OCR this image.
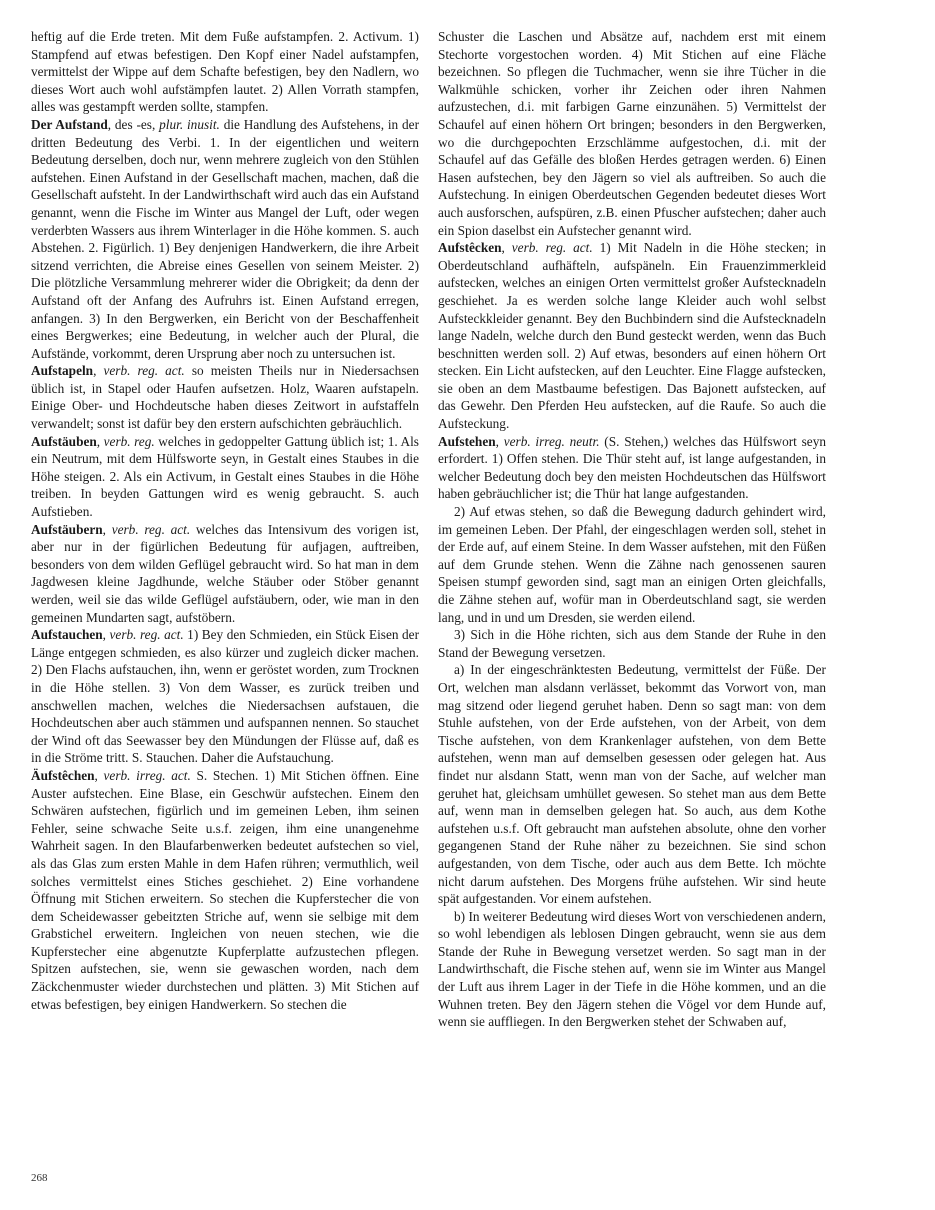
heftig auf die Erde treten. Mit dem Fuße aufstampfen. 2. Activum. 1) Stampfend auf etwas befestigen. Den Kopf einer Nadel aufstampfen, vermittelst der Wippe auf dem Schafte befestigen, bey den Nadlern, wo dieses Wort auch wohl aufstämpfen lautet. 2) Allen Vorrath stampfen, alles was gestampft werden sollte, stampfen.

Der Aufstand, des -es, plur. inusit. die Handlung des Aufstehens, in der dritten Bedeutung des Verbi. 1. In der eigentlichen und weitern Bedeutung derselben, doch nur, wenn mehrere zugleich von den Stühlen aufstehen. Einen Aufstand in der Gesellschaft machen, machen, daß die Gesellschaft aufsteht. In der Landwirthschaft wird auch das ein Aufstand genannt, wenn die Fische im Winter aus Mangel der Luft, oder wegen verderbten Wassers aus ihrem Winterlager in die Höhe kommen. S. auch Abstehen. 2. Figürlich. 1) Bey denjenigen Handwerkern, die ihre Arbeit sitzend verrichten, die Abreise eines Gesellen von seinem Meister. 2) Die plötzliche Versammlung mehrerer wider die Obrigkeit; da denn der Aufstand oft der Anfang des Aufruhrs ist. Einen Aufstand erregen, anfangen. 3) In den Bergwerken, ein Bericht von der Beschaffenheit eines Bergwerkes; eine Bedeutung, in welcher auch der Plural, die Aufstände, vorkommt, deren Ursprung aber noch zu untersuchen ist.

Aufstapeln, verb. reg. act. so meisten Theils nur in Niedersachsen üblich ist, in Stapel oder Haufen aufsetzen. Holz, Waaren aufstapeln. Einige Ober- und Hochdeutsche haben dieses Zeitwort in aufstaffeln verwandelt; sonst ist dafür bey den erstern aufschichten gebräuchlich.

Aufstäuben, verb. reg. welches in gedoppelter Gattung üblich ist; 1. Als ein Neutrum, mit dem Hülfsworte seyn, in Gestalt eines Staubes in die Höhe steigen. 2. Als ein Activum, in Gestalt eines Staubes in die Höhe treiben. In beyden Gattungen wird es wenig gebraucht. S. auch Aufstieben.

Aufstäubern, verb. reg. act. welches das Intensivum des vorigen ist, aber nur in der figürlichen Bedeutung für aufjagen, auftreiben, besonders von dem wilden Geflügel gebraucht wird. So hat man in dem Jagdwesen kleine Jagdhunde, welche Stäuber oder Stöber genannt werden, weil sie das wilde Geflügel aufstäubern, oder, wie man in den gemeinen Mundarten sagt, aufstöbern.

Aufstauchen, verb. reg. act. 1) Bey den Schmieden, ein Stück Eisen der Länge entgegen schmieden, es also kürzer und zugleich dicker machen. 2) Den Flachs aufstauchen, ihn, wenn er geröstet worden, zum Trocknen in die Höhe stellen. 3) Von dem Wasser, es zurück treiben und anschwellen machen, welches die Niedersachsen aufstauen, die Hochdeutschen aber auch stämmen und aufspannen nennen. So stauchet der Wind oft das Seewasser bey den Mündungen der Flüsse auf, daß es in die Ströme tritt. S. Stauchen. Daher die Aufstauchung.

Äufstêchen, verb. irreg. act. S. Stechen. 1) Mit Stichen öffnen. Eine Auster aufstechen. Eine Blase, ein Geschwür aufstechen. Einem den Schwären aufstechen, figürlich und im gemeinen Leben, ihm seinen Fehler, seine schwache Seite u.s.f. zeigen, ihm eine unangenehme Wahrheit sagen. In den Blaufarbenwerken bedeutet aufstechen so viel, als das Glas zum ersten Mahle in dem Hafen rühren; vermuthlich, weil solches vermittelst eines Stiches geschiehet. 2) Eine vorhandene Öffnung mit Stichen erweitern. So stechen die Kupferstecher die von dem Scheidewasser gebeitzten Striche auf, wenn sie selbige mit dem Grabstichel erweitern. Ingleichen von neuen stechen, wie die Kupferstecher eine abgenutzte Kupferplatte aufzustechen pflegen. Spitzen aufstechen, sie, wenn sie gewaschen worden, nach dem Zäckchenmuster wieder durchstechen und plätten. 3) Mit Stichen auf etwas befestigen, bey einigen Handwerkern. So stechen die

Schuster die Laschen und Absätze auf, nachdem erst mit einem Stechorte vorgestochen worden. 4) Mit Stichen auf eine Fläche bezeichnen. So pflegen die Tuchmacher, wenn sie ihre Tücher in die Walkmühle schicken, vorher ihr Zeichen oder ihren Nahmen aufzustechen, d.i. mit farbigen Garne einzunähen. 5) Vermittelst der Schaufel auf einen höhern Ort bringen; besonders in den Bergwerken, wo die durchgepochten Erzschlämme aufgestochen, d.i. mit der Schaufel auf das Gefälle des bloßen Herdes getragen werden. 6) Einen Hasen aufstechen, bey den Jägern so viel als auftreiben. So auch die Aufstechung. In einigen Oberdeutschen Gegenden bedeutet dieses Wort auch ausforschen, aufspüren, z.B. einen Pfuscher aufstechen; daher auch ein Spion daselbst ein Aufstecher genannt wird.

Aufstêcken, verb. reg. act. 1) Mit Nadeln in die Höhe stecken; in Oberdeutschland aufhäfteln, aufspäneln. Ein Frauenzimmerkleid aufstecken, welches an einigen Orten vermittelst großer Aufstecknadeln geschiehet. Ja es werden solche lange Kleider auch wohl selbst Aufsteckkleider genannt. Bey den Buchbindern sind die Aufstecknadeln lange Nadeln, welche durch den Bund gesteckt werden, wenn das Buch beschnitten werden soll. 2) Auf etwas, besonders auf einen höhern Ort stecken. Ein Licht aufstecken, auf den Leuchter. Eine Flagge aufstecken, sie oben an dem Mastbaume befestigen. Das Bajonett aufstecken, auf das Gewehr. Den Pferden Heu aufstecken, auf die Raufe. So auch die Aufsteckung.

Aufstehen, verb. irreg. neutr. (S. Stehen,) welches das Hülfswort seyn erfordert. 1) Offen stehen. Die Thür steht auf, ist lange aufgestanden, in welcher Bedeutung doch bey den meisten Hochdeutschen das Hülfswort haben gebräuchlicher ist; die Thür hat lange aufgestanden.

2) Auf etwas stehen, so daß die Bewegung dadurch gehindert wird, im gemeinen Leben. Der Pfahl, der eingeschlagen werden soll, stehet in der Erde auf, auf einem Steine. In dem Wasser aufstehen, mit den Füßen auf dem Grunde stehen. Wenn die Zähne nach genossenen sauren Speisen stumpf geworden sind, sagt man an einigen Orten gleichfalls, die Zähne stehen auf, wofür man in Oberdeutschland sagt, sie werden lang, und in und um Dresden, sie werden eilend.

3) Sich in die Höhe richten, sich aus dem Stande der Ruhe in den Stand der Bewegung versetzen.

a) In der eingeschränktesten Bedeutung, vermittelst der Füße. Der Ort, welchen man alsdann verlässet, bekommt das Vorwort von, man mag sitzend oder liegend geruhet haben. Denn so sagt man: von dem Stuhle aufstehen, von der Erde aufstehen, von der Arbeit, von dem Tische aufstehen, von dem Krankenlager aufstehen, von dem Bette aufstehen, wenn man auf demselben gesessen oder gelegen hat. Aus findet nur alsdann Statt, wenn man von der Sache, auf welcher man geruhet hat, gleichsam umhüllet gewesen. So stehet man aus dem Bette auf, wenn man in demselben gelegen hat. So auch, aus dem Kothe aufstehen u.s.f. Oft gebraucht man aufstehen absolute, ohne den vorher gegangenen Stand der Ruhe näher zu bezeichnen. Sie sind schon aufgestanden, von dem Tische, oder auch aus dem Bette. Ich möchte nicht darum aufstehen. Des Morgens frühe aufstehen. Wir sind heute spät aufgestanden. Vor einem aufstehen.

b) In weiterer Bedeutung wird dieses Wort von verschiedenen andern, so wohl lebendigen als leblosen Dingen gebraucht, wenn sie aus dem Stande der Ruhe in Bewegung versetzet werden. So sagt man in der Landwirthschaft, die Fische stehen auf, wenn sie im Winter aus Mangel der Luft aus ihrem Lager in der Tiefe in die Höhe kommen, und an die Wuhnen treten. Bey den Jägern stehen die Vögel vor dem Hunde auf, wenn sie auffliegen. In den Bergwerken stehet der Schwaben auf,

268
